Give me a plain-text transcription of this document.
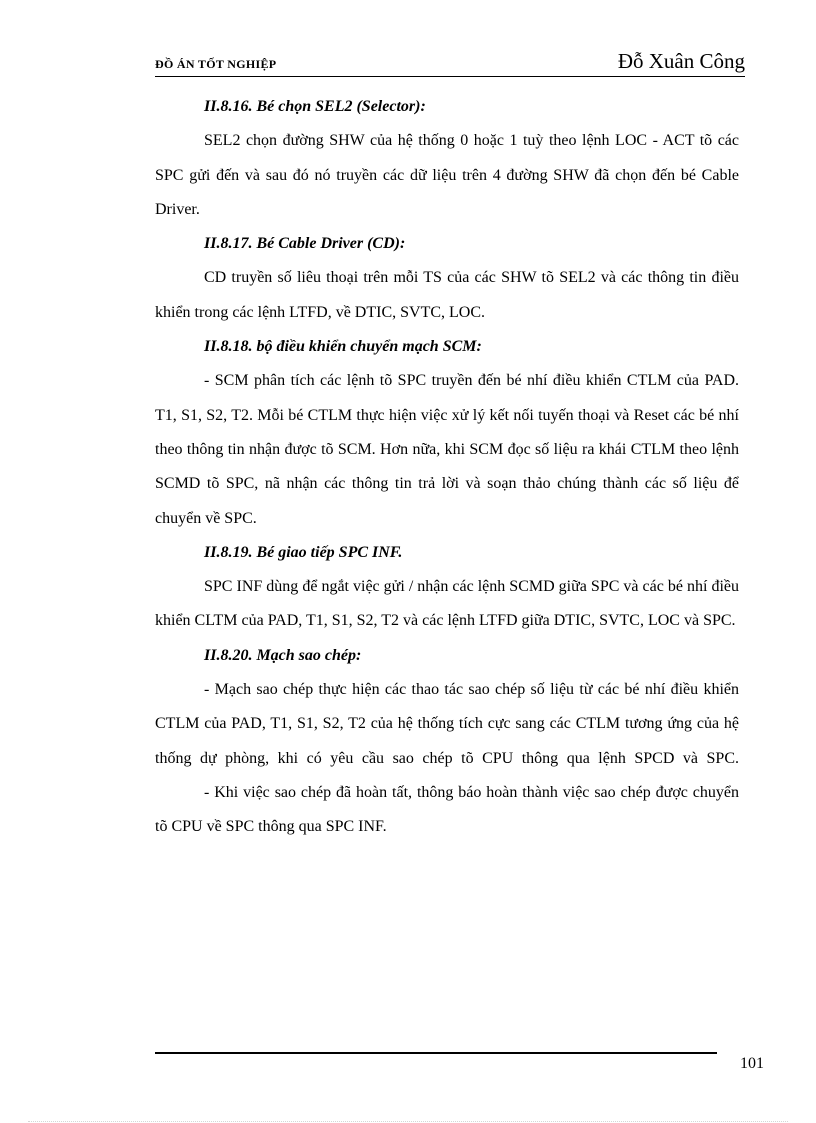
ĐỒ ÁN TỐT NGHIỆP	Đỗ Xuân Công

II.8.16. Bé chọn SEL2 (Selector):

SEL2 chọn đường SHW của hệ thống 0 hoặc 1 tuỳ theo lệnh LOC - ACT tõ các SPC gửi đến và sau đó nó truyền các dữ liệu trên 4 đường SHW đã chọn đến bé Cable Driver.

II.8.17. Bé Cable Driver (CD):

CD truyền số liêu thoại trên mỗi TS của các SHW tõ SEL2 và các thông tin điều khiển trong các lệnh LTFD, về DTIC, SVTC, LOC.

II.8.18. bộ điều khiển chuyển mạch SCM:

- SCM phân tích các lệnh tõ SPC truyền đến bé nhí điều khiển CTLM của PAD. T1, S1, S2, T2. Mỗi bé CTLM thực hiện việc xử lý kết nối tuyến thoại và Reset các bé nhí theo thông tin nhận được tõ SCM. Hơn nữa, khi SCM đọc số liệu ra khái CTLM theo lệnh SCMD tõ SPC, nã nhận các thông tin trả lời và soạn thảo chúng thành các số liệu để chuyển về SPC.

II.8.19. Bé giao tiếp SPC INF.

SPC INF dùng để ngắt việc gửi / nhận các lệnh SCMD giữa SPC và các bé nhí điều khiển CLTM của PAD, T1, S1, S2, T2 và các lệnh LTFD giữa DTIC, SVTC, LOC và SPC.

II.8.20. Mạch sao chép:

- Mạch sao chép thực hiện các thao tác sao chép số liệu từ các bé nhí điều khiển CTLM của PAD, T1, S1, S2, T2 của hệ thống tích cực sang các CTLM tương ứng của hệ thống dự phòng, khi có yêu cầu sao chép tõ CPU thông qua lệnh SPCD và SPC.

- Khi việc sao chép đã hoàn tất, thông báo hoàn thành việc sao chép được chuyển tõ CPU về SPC thông qua SPC INF.

101
